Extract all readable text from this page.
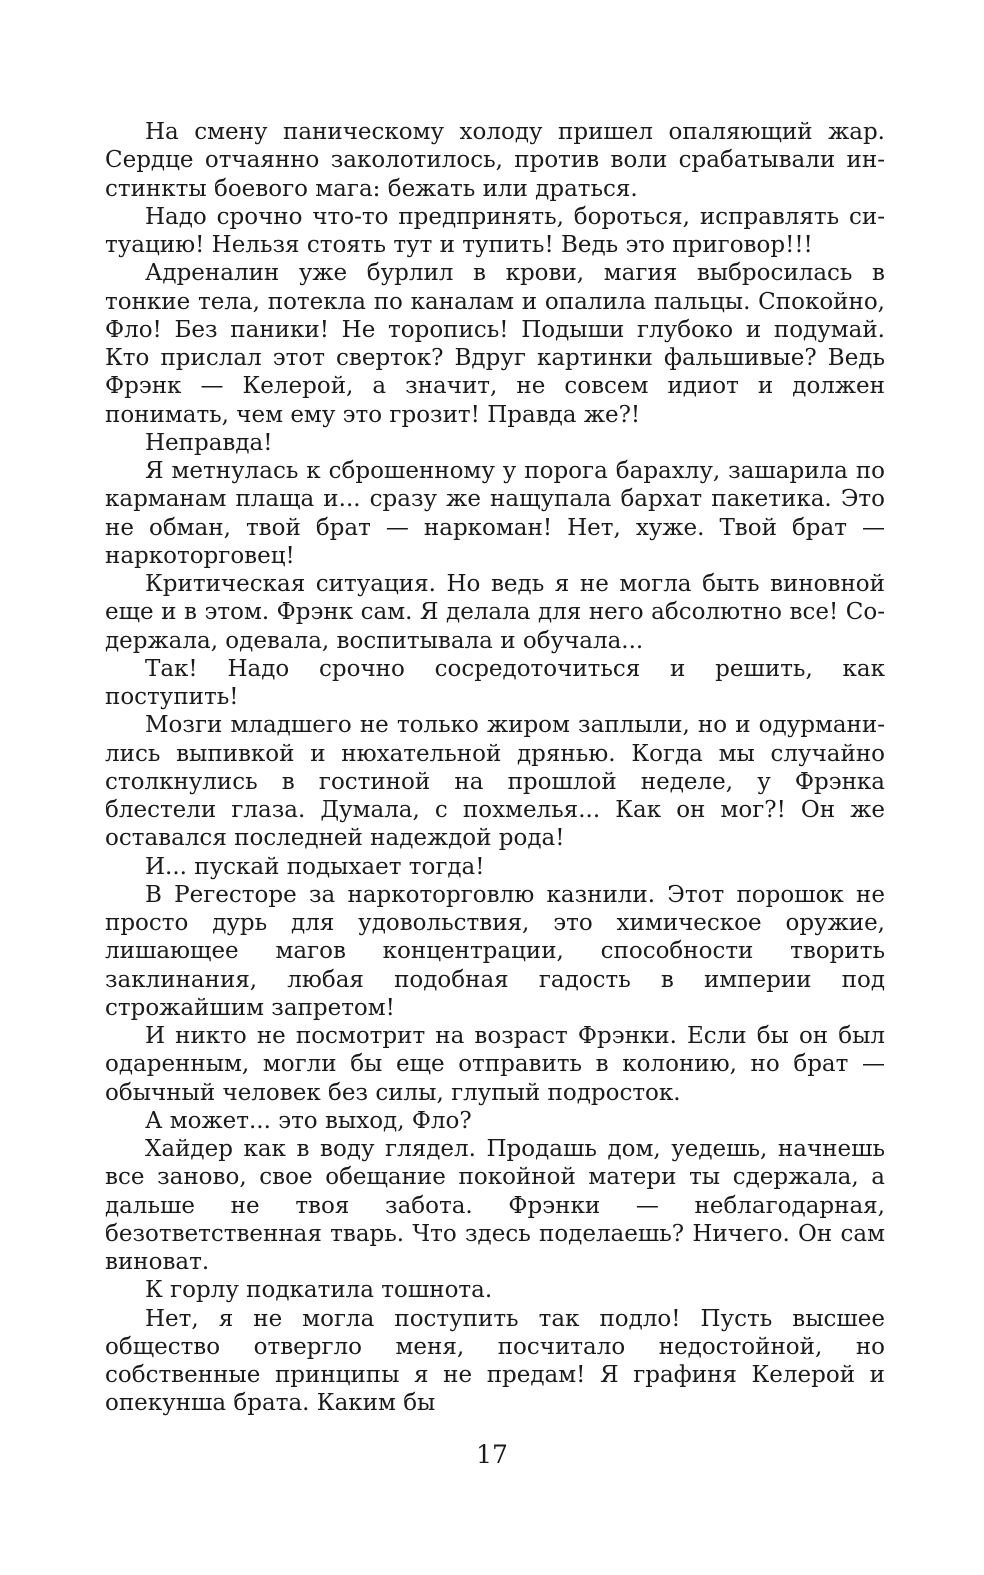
На смену паническому холоду пришел опаляющий жар. Сердце отчаянно заколотилось, против воли срабатывали инстинкты боевого мага: бежать или драться.

Надо срочно что-то предпринять, бороться, исправлять ситуацию! Нельзя стоять тут и тупить! Ведь это приговор!!!

Адреналин уже бурлил в крови, магия выбросилась в тонкие тела, потекла по каналам и опалила пальцы. Спокойно, Фло! Без паники! Не торопись! Подыши глубоко и подумай. Кто прислал этот сверток? Вдруг картинки фальшивые? Ведь Фрэнк — Келерой, а значит, не совсем идиот и должен понимать, чем ему это грозит! Правда же?!

Неправда!

Я метнулась к сброшенному у порога барахлу, зашарила по карманам плаща и... сразу же нащупала бархат пакетика. Это не обман, твой брат — наркоман! Нет, хуже. Твой брат — наркоторговец!

Критическая ситуация. Но ведь я не могла быть виновной еще и в этом. Фрэнк сам. Я делала для него абсолютно все! Содержала, одевала, воспитывала и обучала...

Так! Надо срочно сосредоточиться и решить, как поступить!

Мозги младшего не только жиром заплыли, но и одурманились выпивкой и нюхательной дрянью. Когда мы случайно столкнулись в гостиной на прошлой неделе, у Фрэнка блестели глаза. Думала, с похмелья... Как он мог?! Он же оставался последней надеждой рода!

И... пускай подыхает тогда!

В Регесторе за наркоторговлю казнили. Этот порошок не просто дурь для удовольствия, это химическое оружие, лишающее магов концентрации, способности творить заклинания, любая подобная гадость в империи под строжайшим запретом!

И никто не посмотрит на возраст Фрэнки. Если бы он был одаренным, могли бы еще отправить в колонию, но брат — обычный человек без силы, глупый подросток.

А может... это выход, Фло?

Хайдер как в воду глядел. Продашь дом, уедешь, начнешь все заново, свое обещание покойной матери ты сдержала, а дальше не твоя забота. Фрэнки — неблагодарная, безответственная тварь. Что здесь поделаешь? Ничего. Он сам виноват.

К горлу подкатила тошнота.

Нет, я не могла поступить так подло! Пусть высшее общество отвергло меня, посчитало недостойной, но собственные принципы я не предам! Я графиня Келерой и опекунша брата. Каким бы

17
